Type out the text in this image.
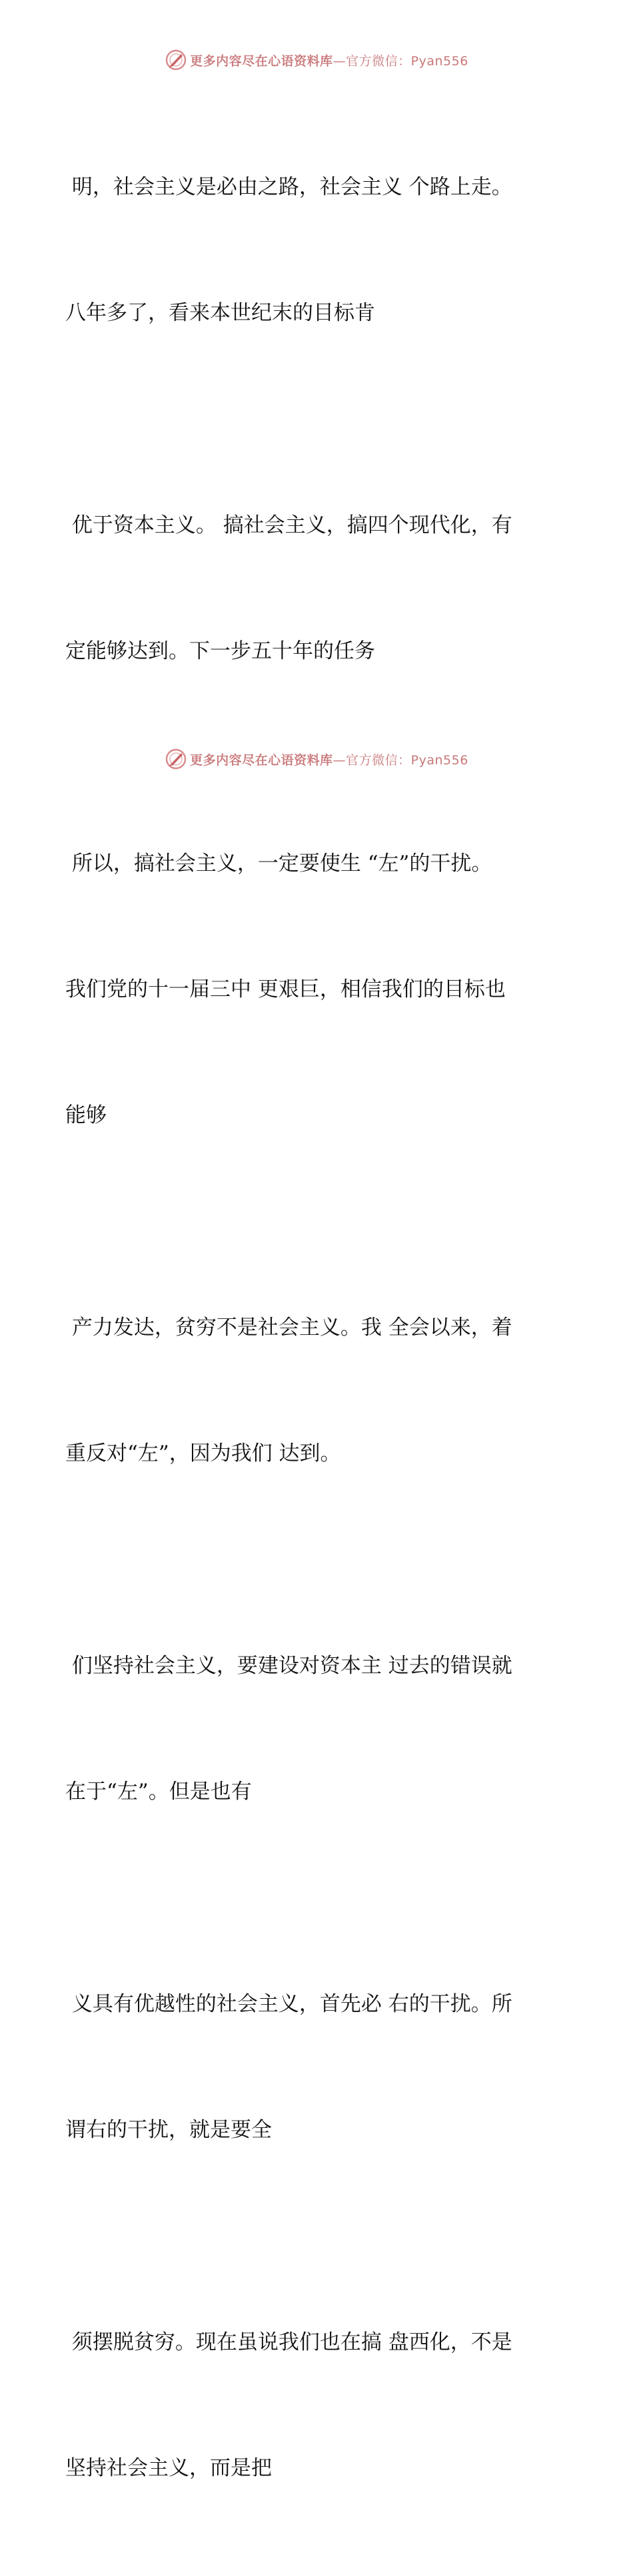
更多内容尽在心语资料库—官方微信：Pyan556

明，社会主义是必由之路，社会主义 个路上走。

八年多了，看来本世纪末的目标肯

优于资本主义。 搞社会主义，搞四个现代化，有

定能够达到。下一步五十年的任务

所以，搞社会主义，一定要使生 “左”的干扰。

我们党的十一届三中 更艰巨，相信我们的目标也

能够

产力发达，贫穷不是社会主义。我 全会以来，着

重反对“左”，因为我们 达到。

们坚持社会主义，要建设对资本主 过去的错误就

在于“左”。但是也有

义具有优越性的社会主义，首先必 右的干扰。所

谓右的干扰，就是要全

须摆脱贫穷。现在虽说我们也在搞 盘西化，不是

坚持社会主义，而是把

更多内容尽在心语资料库—官方微信：Pyan556
